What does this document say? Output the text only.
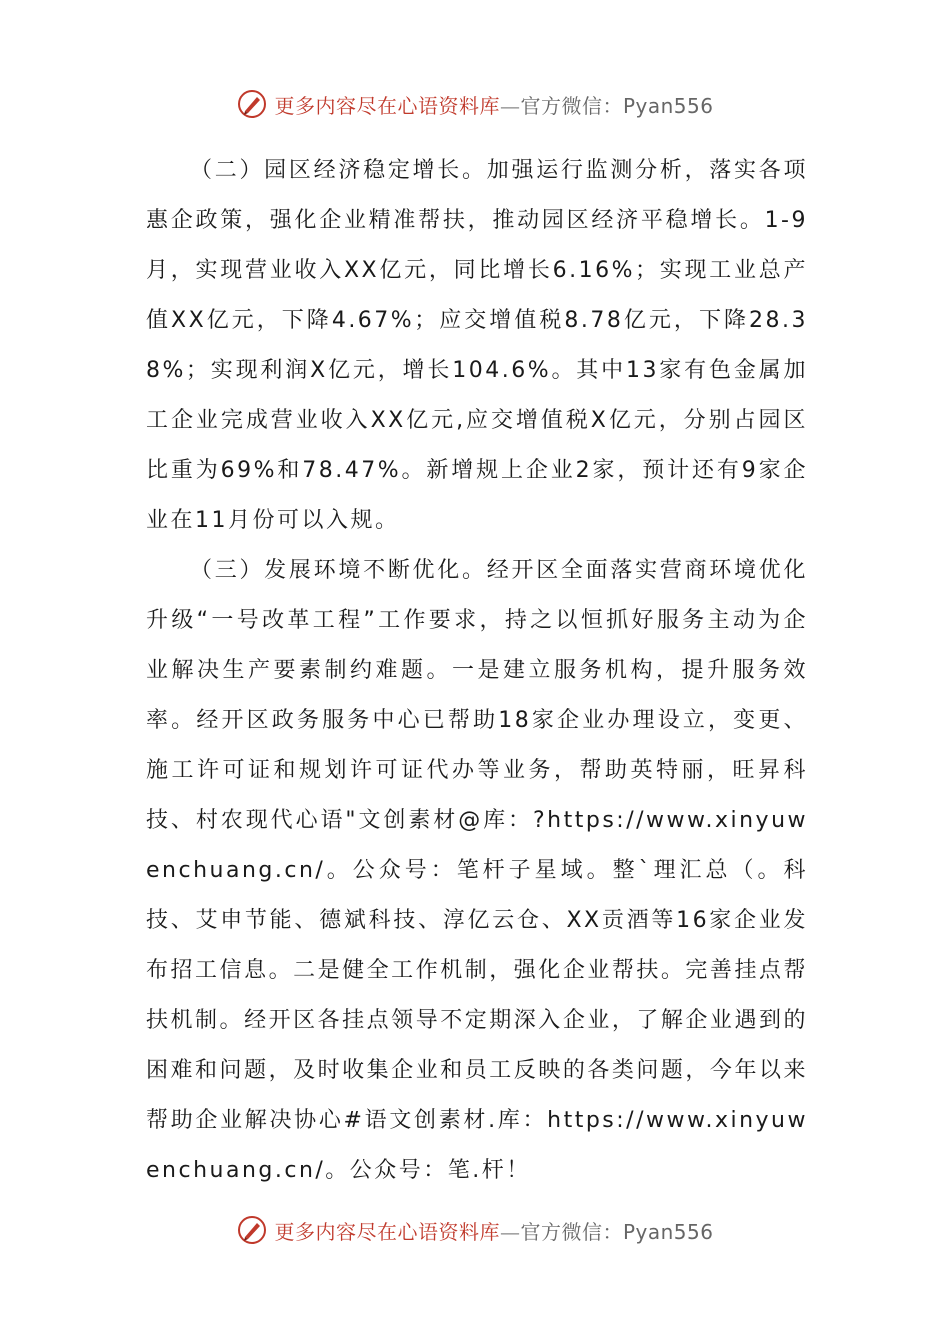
更多内容尽在心语资料库—官方微信：Pyan556

（二）园区经济稳定增长。加强运行监测分析，落实各项惠企政策，强化企业精准帮扶，推动园区经济平稳增长。1-9月，实现营业收入XX亿元，同比增长6.16%；实现工业总产值XX亿元，下降4.67%；应交增值税8.78亿元，下降28.38%；实现利润X亿元，增长104.6%。其中13家有色金属加工企业完成营业收入XX亿元,应交增值税X亿元，分别占园区比重为69%和78.47%。新增规上企业2家，预计还有9家企业在11月份可以入规。

（三）发展环境不断优化。经开区全面落实营商环境优化升级“一号改革工程”工作要求，持之以恒抓好服务主动为企业解决生产要素制约难题。一是建立服务机构，提升服务效率。经开区政务服务中心已帮助18家企业办理设立，变更、施工许可证和规划许可证代办等业务，帮助英特丽，旺昇科技、村农现代心语"文创素材@库：?https://www.xinyuwenchuang.cn/。公众号：笔杆子星域。整`理汇总（。科技、艾申节能、德斌科技、淳亿云仓、XX贡酒等16家企业发布招工信息。二是健全工作机制，强化企业帮扶。完善挂点帮扶机制。经开区各挂点领导不定期深入企业，了解企业遇到的困难和问题，及时收集企业和员工反映的各类问题，今年以来帮助企业解决协心#语文创素材.库：https://www.xinyuwenchuang.cn/。公众号：笔.杆！

更多内容尽在心语资料库—官方微信：Pyan556
